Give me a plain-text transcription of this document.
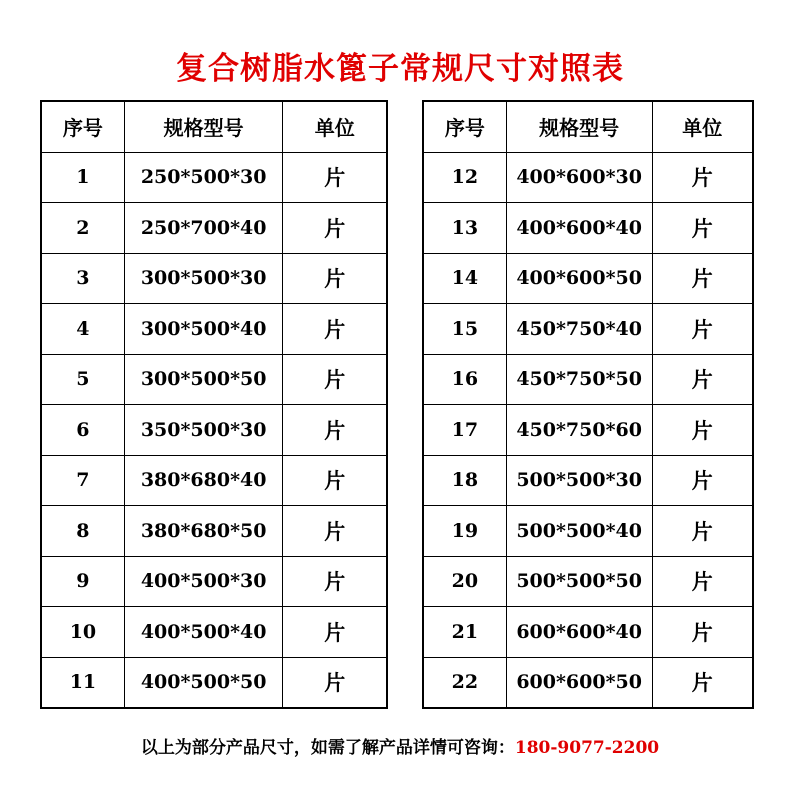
复合树脂水篦子常规尺寸对照表
序号	规格型号	单位
1	250*500*30	片
2	250*700*40	片
3	300*500*30	片
4	300*500*40	片
5	300*500*50	片
6	350*500*30	片
7	380*680*40	片
8	380*680*50	片
9	400*500*30	片
10	400*500*40	片
11	400*500*50	片
序号	规格型号	单位
12	400*600*30	片
13	400*600*40	片
14	400*600*50	片
15	450*750*40	片
16	450*750*50	片
17	450*750*60	片
18	500*500*30	片
19	500*500*40	片
20	500*500*50	片
21	600*600*40	片
22	600*600*50	片
以上为部分产品尺寸，如需了解产品详情可咨询：180-9077-2200
